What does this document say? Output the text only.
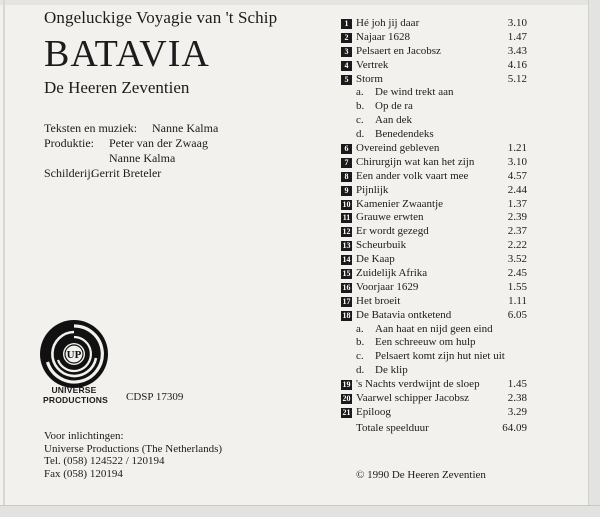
Ongeluckige Voyagie van 't Schip
BATAVIA
De Heeren Zeventien
Teksten en muziek: Nanne Kalma
Produktie: Peter van der Zwaag
Nanne Kalma
Schilderij:
Gerrit Breteler
UP
UNIVERSE
PRODUCTIONS CDSP 17309
Voor inlichtingen:
Universe Productions (The Netherlands)
Tel. (058) 124522 / 120194
Fax (058) 120194
1 Hé joh jij daar	3.10
2 Najaar 1628	1.47
3 Pelsaert en Jacobsz	3.43
4 Vertrek	4.16
5 Storm	5.12
a. De wind trekt aan
b. Op de ra
c. Aan dek
d. Benedendeks
6 Overeind gebleven	1.21
7 Chirurgijn wat kan het zijn	3.10
8 Een ander volk vaart mee	4.57
9 Pijnlijk	2.44
10 Kamenier Zwaantje	1.37
11 Grauwe erwten	2.39
12 Er wordt gezegd	2.37
13 Scheurbuik	2.22
14 De Kaap	3.52
15 Zuidelijk Afrika	2.45
16 Voorjaar 1629	1.55
17 Het broeit	1.11
18 De Batavia ontketend	6.05
a. Aan haat en nijd geen eind
b. Een schreeuw om hulp
c. Pelsaert komt zijn hut niet uit
d. De klip
19 's Nachts verdwijnt de sloep	1.45
20 Vaarwel schipper Jacobsz	2.38
21 Epiloog	3.29
Totale speelduur	64.09
© 1990 De Heeren Zeventien
